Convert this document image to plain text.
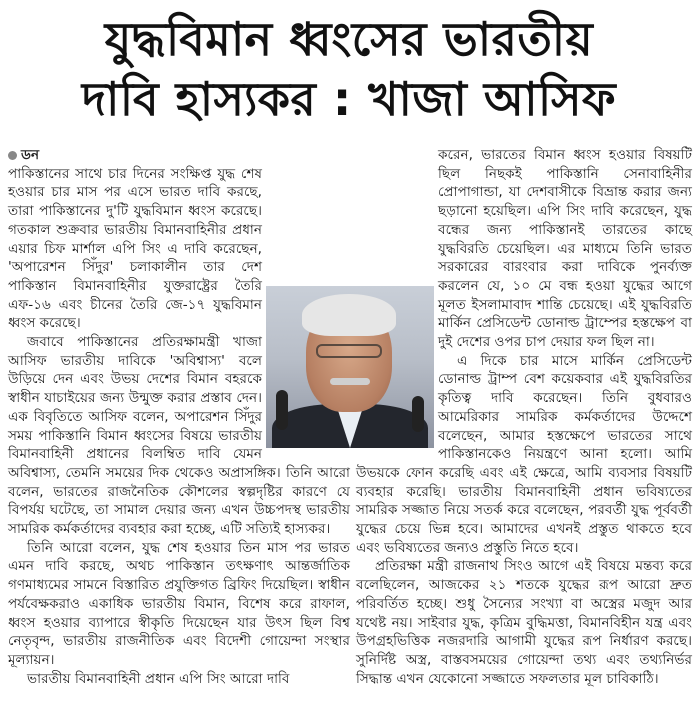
যুদ্ধবিমান ধ্বংসের ভারতীয়
দাবি হাস্যকর : খাজা আসিফ
ডন

পাকিস্তানের সাথে চার দিনের সংক্ষিপ্ত যুদ্ধ শেষ হওয়ার চার মাস পর এসে ভারত দাবি করছে, তারা পাকিস্তানের দু'টি যুদ্ধবিমান ধ্বংস করেছে। গতকাল শুক্রবার ভারতীয় বিমানবাহিনীর প্রধান এয়ার চিফ মার্শাল এপি সিং এ দাবি করেছেন, 'অপারেশন সিঁদুর' চলাকালীন তার দেশ পাকিস্তান বিমানবাহিনীর যুক্তরাষ্ট্রের তৈরি এফ-১৬ এবং চীনের তৈরি জে-১৭ যুদ্ধবিমান ধ্বংস করেছে।

জবাবে পাকিস্তানের প্রতিরক্ষামন্ত্রী খাজা আসিফ ভারতীয় দাবিকে 'অবিশ্বাস্য' বলে উড়িয়ে দেন এবং উভয় দেশের বিমান বহরকে স্বাধীন যাচাইয়ের জন্য উন্মুক্ত করার প্রস্তাব দেন। এক বিবৃতিতে আসিফ বলেন, অপারেশন সিঁদুর সময় পাকিস্তানি বিমান ধ্বংসের বিষয়ে ভারতীয় বিমানবাহিনী প্রধানের বিলম্বিত দাবি যেমন অবিশ্বাস্য, তেমনি সময়ের দিক থেকেও অপ্রাসঙ্গিক। তিনি আরো বলেন, ভারতের রাজনৈতিক কৌশলের স্বল্পদৃষ্টির কারণে যে বিপর্যয় ঘটেছে, তা সামাল দেয়ার জন্য এখন উচ্চপদস্থ ভারতীয় সামরিক কর্মকর্তাদের ব্যবহার করা হচ্ছে, এটি সত্যিই হাস্যকর।

তিনি আরো বলেন, যুদ্ধ শেষ হওয়ার তিন মাস পর ভারত এমন দাবি করছে, অথচ পাকিস্তান তৎক্ষণাৎ আন্তর্জাতিক গণমাধ্যমের সামনে বিস্তারিত প্রযুক্তিগত ব্রিফিং দিয়েছিল। স্বাধীন পর্যবেক্ষকরাও একাধিক ভারতীয় বিমান, বিশেষ করে রাফাল, ধ্বংস হওয়ার ব্যাপারে স্বীকৃতি দিয়েছেন যার উৎস ছিল বিশ্ব নেতৃবৃন্দ, ভারতীয় রাজনীতিক এবং বিদেশী গোয়েন্দা সংস্থার মূল্যায়ন।

ভারতীয় বিমানবাহিনী প্রধান এপি সিং আরো দাবি

করেন, ভারতের বিমান ধ্বংস হওয়ার বিষয়টি ছিল নিছকই পাকিস্তানি সেনাবাহিনীর প্রোপাগান্ডা, যা দেশবাসীকে বিভ্রান্ত করার জন্য ছড়ানো হয়েছিল। এপি সিং দাবি করেছেন, যুদ্ধ বন্ধের জন্য পাকিস্তানই তারতের কাছে যুদ্ধবিরতি চেয়েছিল। এর মাধ্যমে তিনি ভারত সরকারের বারংবার করা দাবিকে পুনর্ব্যক্ত করলেন যে, ১০ মে বন্ধ হওয়া যুদ্ধের আগে মূলত ইসলামাবাদ শান্তি চেয়েছে। এই যুদ্ধবিরতি মার্কিন প্রেসিডেন্ট ডোনাল্ড ট্রাম্পের হস্তক্ষেপ বা দুই দেশের ওপর চাপ দেয়ার ফল ছিল না।

এ দিকে চার মাসে মার্কিন প্রেসিডেন্ট ডোনাল্ড ট্রাম্প বেশ কয়েকবার এই যুদ্ধবিরতির কৃতিত্ব দাবি করেছেন। তিনি বুধবারও আমেরিকার সামরিক কর্মকর্তাদের উদ্দেশে বলেছেন, আমার হস্তক্ষেপে ভারতের সাথে পাকিস্তানকেও নিয়ন্ত্রণে আনা হলো। আমি উভয়কে ফোন করেছি এবং এই ক্ষেত্রে, আমি ব্যবসার বিষয়টি ব্যবহার করেছি। ভারতীয় বিমানবাহিনী প্রধান ভবিষ্যতের সামরিক সজ্জাত নিয়ে সতর্ক করে বলেছেন, পরবর্তী যুদ্ধ পূর্ববর্তী যুদ্ধের চেয়ে ভিন্ন হবে। আমাদের এখনই প্রস্তুত থাকতে হবে এবং ভবিষ্যতের জন্যও প্রস্তুতি নিতে হবে।

প্রতিরক্ষা মন্ত্রী রাজনাথ সিংও আগে এই বিষয়ে মন্তব্য করে বলেছিলেন, আজকের ২১ শতকে যুদ্ধের রূপ আরো দ্রুত পরিবর্তিত হচ্ছে। শুধু সৈন্যের সংখ্যা বা অস্ত্রের মজুদ আর যথেষ্ট নয়। সাইবার যুদ্ধ, কৃত্রিম বুদ্ধিমত্তা, বিমানবিহীন যন্ত্র এবং উপগ্রহভিত্তিক নজরদারি আগামী যুদ্ধের রূপ নির্ধারণ করছে। সুনির্দিষ্ট অস্ত্র, বাস্তবসময়ের গোয়েন্দা তথ্য এবং তথ্যনির্ভর সিদ্ধান্ত এখন যেকোনো সজ্জাতে সফলতার মূল চাবিকাঠি।
